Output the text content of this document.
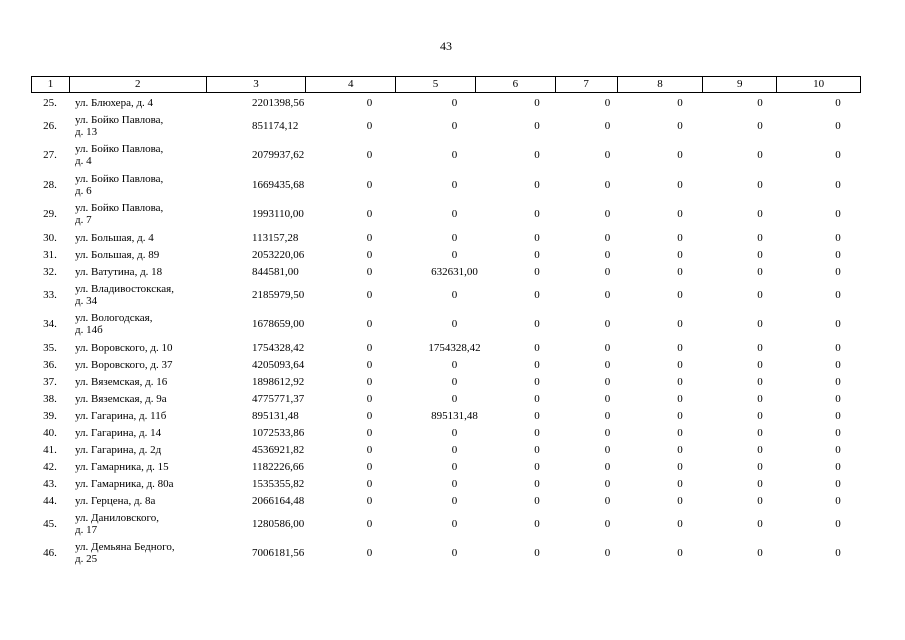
43
1	2	3	4	5	6	7	8	9	10
25.	ул. Блюхера, д. 4	2201398,56	0	0	0	0	0	0	0
26.	ул. Бойко Павлова,
д. 13	851174,12	0	0	0	0	0	0	0
27.	ул. Бойко Павлова,
д. 4	2079937,62	0	0	0	0	0	0	0
28.	ул. Бойко Павлова,
д. 6	1669435,68	0	0	0	0	0	0	0
29.	ул. Бойко Павлова,
д. 7	1993110,00	0	0	0	0	0	0	0
30.	ул. Большая, д. 4	113157,28	0	0	0	0	0	0	0
31.	ул. Большая, д. 89	2053220,06	0	0	0	0	0	0	0
32.	ул. Ватутина, д. 18	844581,00	0	632631,00	0	0	0	0	0
33.	ул. Владивостокская,
д. 34	2185979,50	0	0	0	0	0	0	0
34.	ул. Вологодская,
д. 14б	1678659,00	0	0	0	0	0	0	0
35.	ул. Воровского, д. 10	1754328,42	0	1754328,42	0	0	0	0	0
36.	ул. Воровского, д. 37	4205093,64	0	0	0	0	0	0	0
37.	ул. Вяземская, д. 16	1898612,92	0	0	0	0	0	0	0
38.	ул. Вяземская, д. 9а	4775771,37	0	0	0	0	0	0	0
39.	ул. Гагарина, д. 11б	895131,48	0	895131,48	0	0	0	0	0
40.	ул. Гагарина, д. 14	1072533,86	0	0	0	0	0	0	0
41.	ул. Гагарина, д. 2д	4536921,82	0	0	0	0	0	0	0
42.	ул. Гамарника, д. 15	1182226,66	0	0	0	0	0	0	0
43.	ул. Гамарника, д. 80а	1535355,82	0	0	0	0	0	0	0
44.	ул. Герцена, д. 8а	2066164,48	0	0	0	0	0	0	0
45.	ул. Даниловского,
д. 17	1280586,00	0	0	0	0	0	0	0
46.	ул. Демьяна Бедного,
д. 25	7006181,56	0	0	0	0	0	0	0
